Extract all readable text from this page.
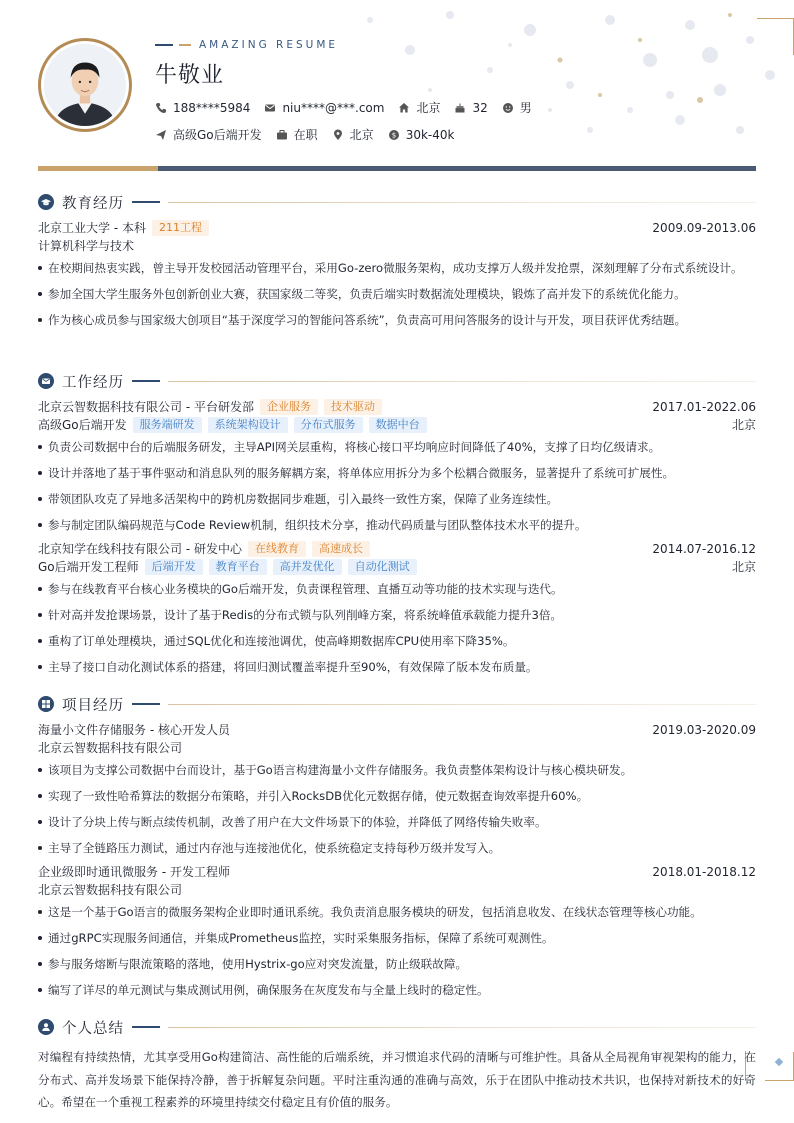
AMAZING RESUME
牛敬业
188****5984	niu****@***.com	北京	32	男
高级Go后端开发	在职	北京	$ 30k-40k
教育经历
北京工业大学 - 本科	211工程	2009.09-2013.06
计算机科学与技术
在校期间热衷实践，曾主导开发校园活动管理平台，采用Go-zero微服务架构，成功支撑万人级并发抢票，深刻理解了分布式系统设计。
参加全国大学生服务外包创新创业大赛，获国家级二等奖，负责后端实时数据流处理模块，锻炼了高并发下的系统优化能力。
作为核心成员参与国家级大创项目“基于深度学习的智能问答系统”，负责高可用问答服务的设计与开发，项目获评优秀结题。
工作经历
北京云智数据科技有限公司 - 平台研发部	企业服务	技术驱动	2017.01-2022.06
高级Go后端开发	服务端研发	系统架构设计	分布式服务	数据中台	北京
负责公司数据中台的后端服务研发，主导API网关层重构，将核心接口平均响应时间降低了40%，支撑了日均亿级请求。
设计并落地了基于事件驱动和消息队列的服务解耦方案，将单体应用拆分为多个松耦合微服务，显著提升了系统可扩展性。
带领团队攻克了异地多活架构中的跨机房数据同步难题，引入最终一致性方案，保障了业务连续性。
参与制定团队编码规范与Code Review机制，组织技术分享，推动代码质量与团队整体技术水平的提升。
北京知学在线科技有限公司 - 研发中心	在线教育	高速成长	2014.07-2016.12
Go后端开发工程师	后端开发	教育平台	高并发优化	自动化测试	北京
参与在线教育平台核心业务模块的Go后端开发，负责课程管理、直播互动等功能的技术实现与迭代。
针对高并发抢课场景，设计了基于Redis的分布式锁与队列削峰方案，将系统峰值承载能力提升3倍。
重构了订单处理模块，通过SQL优化和连接池调优，使高峰期数据库CPU使用率下降35%。
主导了接口自动化测试体系的搭建，将回归测试覆盖率提升至90%，有效保障了版本发布质量。
项目经历
海量小文件存储服务 - 核心开发人员	2019.03-2020.09
北京云智数据科技有限公司
该项目为支撑公司数据中台而设计，基于Go语言构建海量小文件存储服务。我负责整体架构设计与核心模块研发。
实现了一致性哈希算法的数据分布策略，并引入RocksDB优化元数据存储，使元数据查询效率提升60%。
设计了分块上传与断点续传机制，改善了用户在大文件场景下的体验，并降低了网络传输失败率。
主导了全链路压力测试，通过内存池与连接池优化，使系统稳定支持每秒万级并发写入。
企业级即时通讯微服务 - 开发工程师	2018.01-2018.12
北京云智数据科技有限公司
这是一个基于Go语言的微服务架构企业即时通讯系统。我负责消息服务模块的研发，包括消息收发、在线状态管理等核心功能。
通过gRPC实现服务间通信，并集成Prometheus监控，实时采集服务指标，保障了系统可观测性。
参与服务熔断与限流策略的落地，使用Hystrix-go应对突发流量，防止级联故障。
编写了详尽的单元测试与集成测试用例，确保服务在灰度发布与全量上线时的稳定性。
个人总结
对编程有持续热情，尤其享受用Go构建简洁、高性能的后端系统，并习惯追求代码的清晰与可维护性。具备从全局视角审视架构的能力，在分布式、高并发场景下能保持冷静，善于拆解复杂问题。平时注重沟通的准确与高效，乐于在团队中推动技术共识，也保持对新技术的好奇心。希望在一个重视工程素养的环境里持续交付稳定且有价值的服务。
